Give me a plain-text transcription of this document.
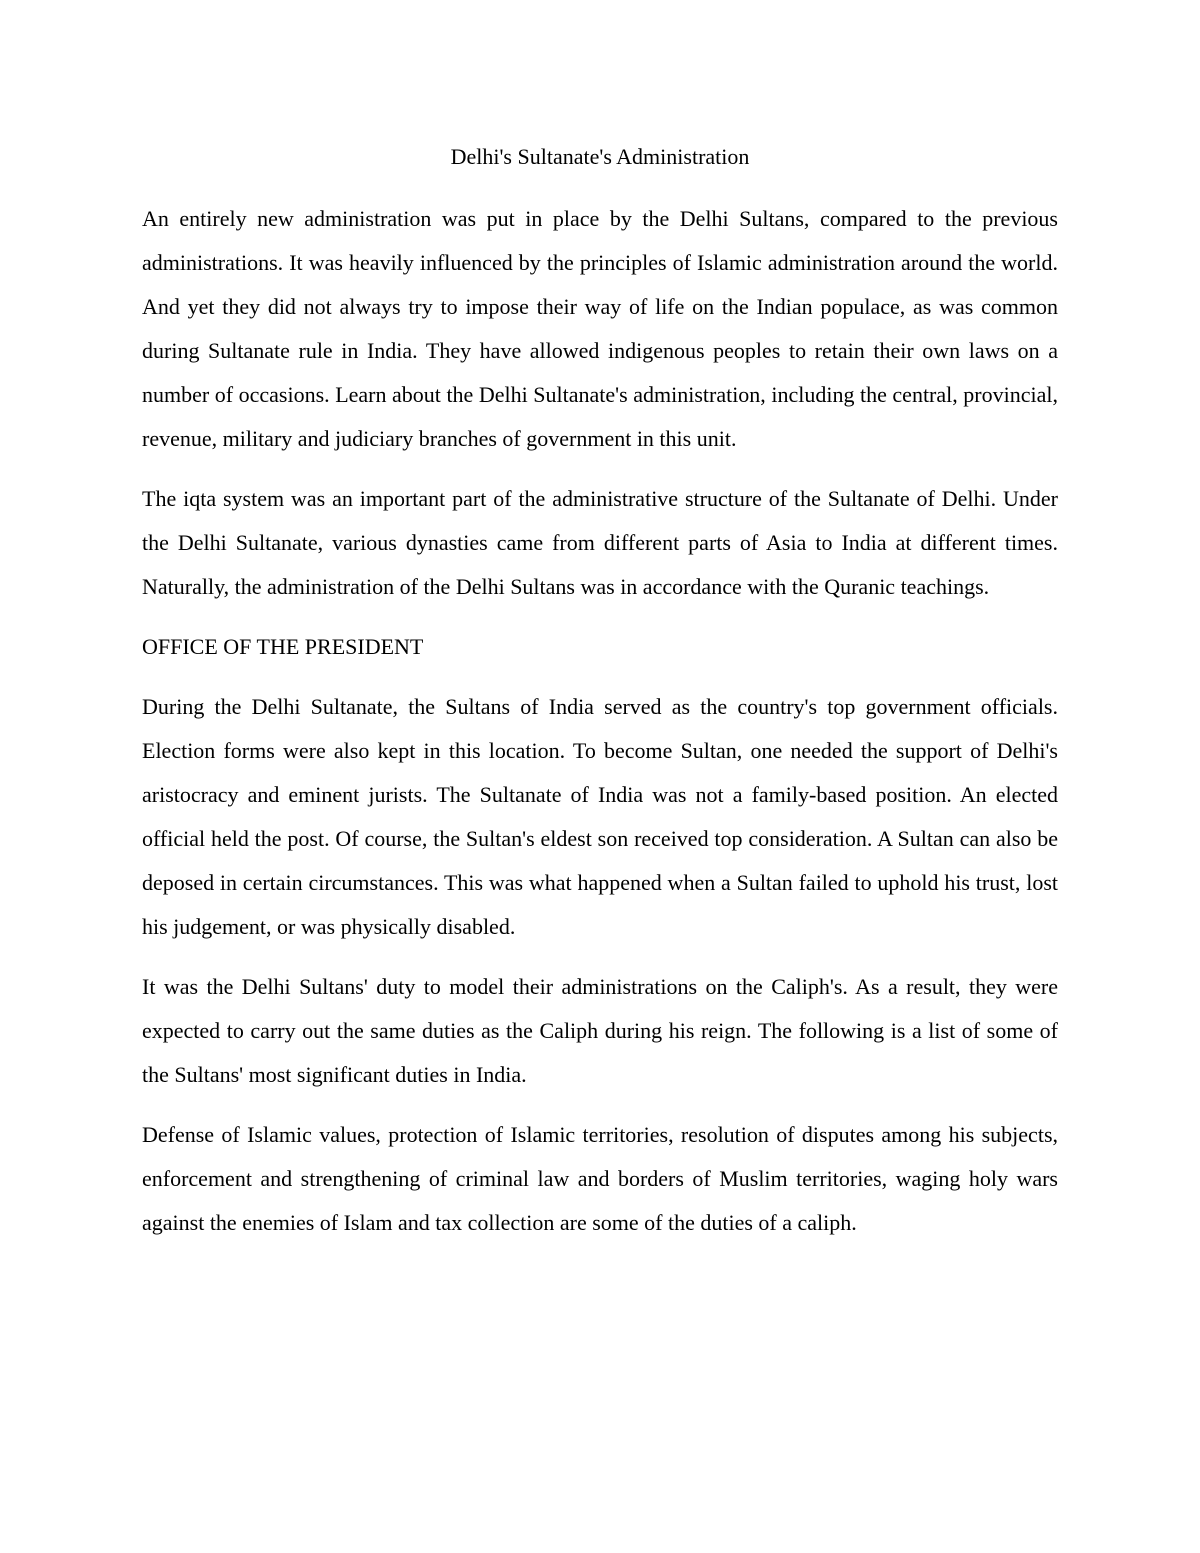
Delhi's Sultanate's Administration

An entirely new administration was put in place by the Delhi Sultans, compared to the previous administrations. It was heavily influenced by the principles of Islamic administration around the world. And yet they did not always try to impose their way of life on the Indian populace, as was common during Sultanate rule in India. They have allowed indigenous peoples to retain their own laws on a number of occasions. Learn about the Delhi Sultanate's administration, including the central, provincial, revenue, military and judiciary branches of government in this unit.

The iqta system was an important part of the administrative structure of the Sultanate of Delhi. Under the Delhi Sultanate, various dynasties came from different parts of Asia to India at different times. Naturally, the administration of the Delhi Sultans was in accordance with the Quranic teachings.

OFFICE OF THE PRESIDENT

During the Delhi Sultanate, the Sultans of India served as the country's top government officials. Election forms were also kept in this location. To become Sultan, one needed the support of Delhi's aristocracy and eminent jurists. The Sultanate of India was not a family-based position. An elected official held the post. Of course, the Sultan's eldest son received top consideration. A Sultan can also be deposed in certain circumstances. This was what happened when a Sultan failed to uphold his trust, lost his judgement, or was physically disabled.

It was the Delhi Sultans' duty to model their administrations on the Caliph's. As a result, they were expected to carry out the same duties as the Caliph during his reign. The following is a list of some of the Sultans' most significant duties in India.

Defense of Islamic values, protection of Islamic territories, resolution of disputes among his subjects, enforcement and strengthening of criminal law and borders of Muslim territories, waging holy wars against the enemies of Islam and tax collection are some of the duties of a caliph.
